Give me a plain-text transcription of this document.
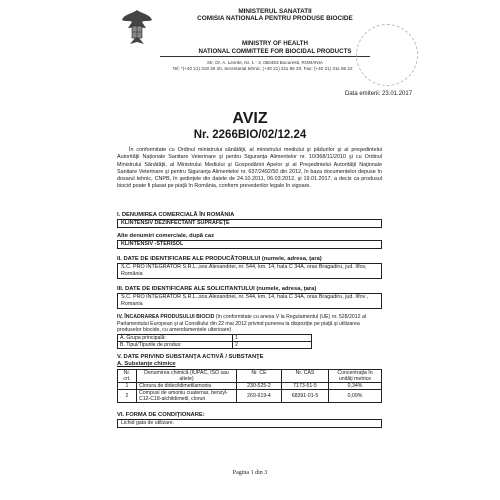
MINISTERUL SANATATII
COMISIA NATIONALA PENTRU PRODUSE BIOCIDE
MINISTRY OF HEALTH
NATIONAL COMMITTEE FOR BIOCIDAL PRODUCTS
Str. Dr. A. Leonte, Nr. 1 - 3, 050463 Bucuresti, ROMANIA
Tel: *(+40 21) 318 36 20, Secretariat tehnic: (+40 21) 311 86 20; Fax: (+40 21) 311 86 22
Data emiterii: 23.01.2017
AVIZ
Nr. 2266BIO/02/12.24

În conformitate cu Ordinul ministrului sănătăţii, al ministrului mediului şi pădurilor şi al preşedintelui Autorităţii Naţionale Sanitare Veterinare şi pentru Siguranţa Alimentelor nr. 10/368/11/2010 şi cu Ordinul Ministrului Sănătăţii, al Ministrului Mediului şi Gospodăririi Apelor şi al Preşedintelui Autorităţii Naţionale Sanitare Veterinare şi pentru Siguranţa Alimentelor nr. 637/2492/50 din 2012, în baza documentelor depuse în dosarul tehnic, CNPB, în şedinţele din datele de 24.10.2011, 06.03.2012, şi 19.01.2017, a decis ca produsul biocid poate fi plasat pe piaţă în România, conform prevederilor legale în vigoare.

I. DENUMIREA COMERCIALĂ ÎN ROMÂNIA
KLINTENSIV DEZINFECTANT SUPRAFEŢE
Alte denumiri comerciale, după caz
KLINTENSIV -STERISOL
II. DATE DE IDENTIFICARE ALE PRODUCĂTORULUI (numele, adresa, ţara)
S.C. PRO INTEGRATOR S.R.L.,sos.Alexandriei, nr. 544, km. 14, hala C 34A, oras Bragadiru, jud. Ilfov, România
III. DATE DE IDENTIFICARE ALE SOLICITANTULUI (numele, adresa, ţara)
S.C. PRO INTEGRATOR S.R.L.,sos.Alexandriei, nr. 544, km. 14, hala C 34A, oras Bragadiru, jud. Ilfov , Romania
IV. ÎNCADRAREA PRODUSULUI BIOCID (în conformitate cu anexa V la Regulamentul (UE) nr. 528/2012 al Parlamentului European şi al Consiliului din 22 mai 2012 privind punerea la dispoziţie pe piaţă şi utilizarea produselor biocide, cu amendamentele ulterioare)
A. Grupa principală:	1
B. Tipul/Tipurile de produs:	2
V. DATE PRIVIND SUBSTANŢA ACTIVĂ / SUBSTANŢE
A. Substanţe chimice
Nr. crt.	Denumirea chimică (IUPAC, ISO sau altele)	Nr. CE	Nr. CAS	Concentraţia în unităţi metrice
1	Clorura de didecildimetilamoniu	230-525-2	7173-51-5	0,34%
2	Compusi de amoniu cuaternar, benzyl-C12-C18-alchildimetil, cloruri	269-919-4	68391-01-5	0,09%
VI. FORMA DE CONDIŢIONARE:
Lichid gata de utilizare.
Pagina 1 din 3
